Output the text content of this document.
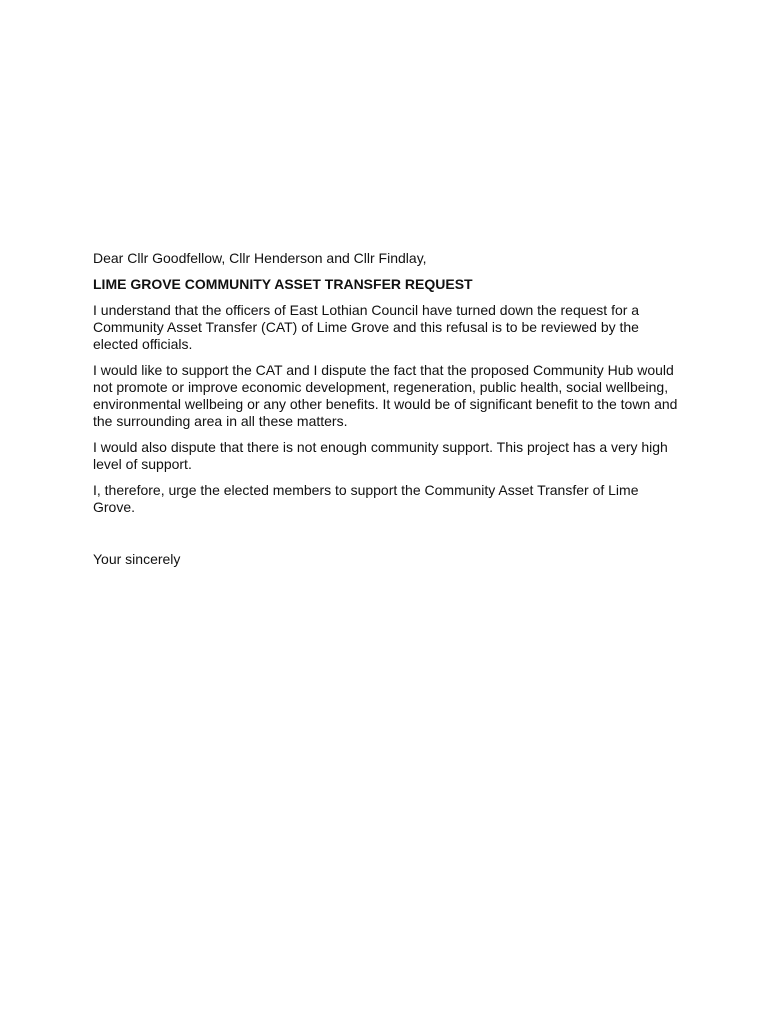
Dear Cllr Goodfellow, Cllr Henderson and Cllr Findlay,

LIME GROVE COMMUNITY ASSET TRANSFER REQUEST

I understand that the officers of East Lothian Council have turned down the request for a Community Asset Transfer (CAT) of Lime Grove and this refusal is to be reviewed by the elected officials.

I would like to support the CAT and I dispute the fact that the proposed Community Hub would not promote or improve economic development, regeneration, public health, social wellbeing, environmental wellbeing or any other benefits. It would be of significant benefit to the town and the surrounding area in all these matters.

I would also dispute that there is not enough community support. This project has a very high level of support.

I, therefore, urge the elected members to support the Community Asset Transfer of Lime Grove.

Your sincerely
